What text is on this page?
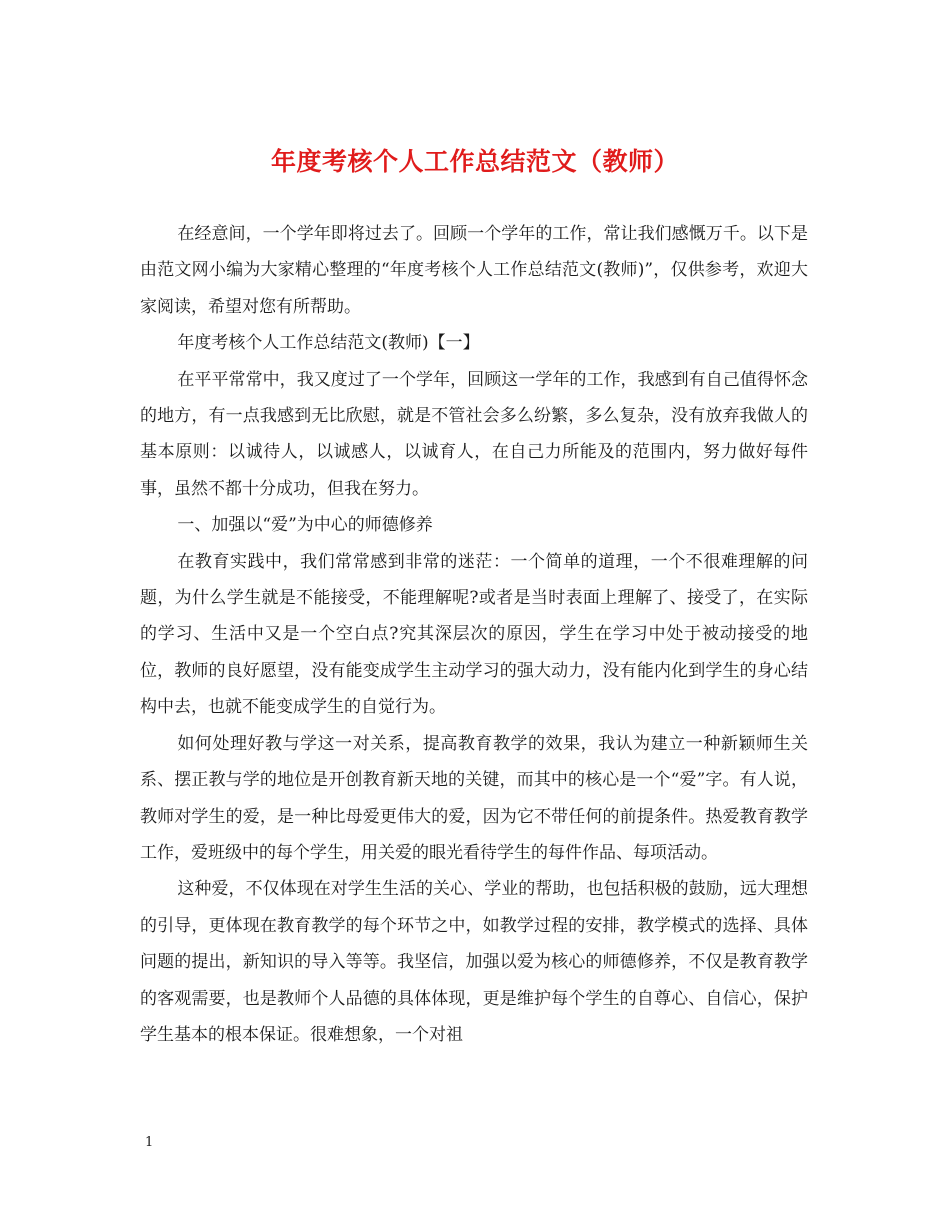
年度考核个人工作总结范文（教师）

在经意间，一个学年即将过去了。回顾一个学年的工作，常让我们感慨万千。以下是由范文网小编为大家精心整理的“年度考核个人工作总结范文(教师)”，仅供参考，欢迎大家阅读，希望对您有所帮助。

年度考核个人工作总结范文(教师)【一】

在平平常常中，我又度过了一个学年，回顾这一学年的工作，我感到有自己值得怀念的地方，有一点我感到无比欣慰，就是不管社会多么纷繁，多么复杂，没有放弃我做人的基本原则：以诚待人，以诚感人，以诚育人，在自己力所能及的范围内，努力做好每件事，虽然不都十分成功，但我在努力。

一、加强以“爱”为中心的师德修养

在教育实践中，我们常常感到非常的迷茫：一个简单的道理，一个不很难理解的问题，为什么学生就是不能接受，不能理解呢?或者是当时表面上理解了、接受了，在实际的学习、生活中又是一个空白点?究其深层次的原因，学生在学习中处于被动接受的地位，教师的良好愿望，没有能变成学生主动学习的强大动力，没有能内化到学生的身心结构中去，也就不能变成学生的自觉行为。

如何处理好教与学这一对关系，提高教育教学的效果，我认为建立一种新颖师生关系、摆正教与学的地位是开创教育新天地的关键，而其中的核心是一个“爱”字。有人说，教师对学生的爱，是一种比母爱更伟大的爱，因为它不带任何的前提条件。热爱教育教学工作，爱班级中的每个学生，用关爱的眼光看待学生的每件作品、每项活动。

这种爱，不仅体现在对学生生活的关心、学业的帮助，也包括积极的鼓励，远大理想的引导，更体现在教育教学的每个环节之中，如教学过程的安排，教学模式的选择、具体问题的提出，新知识的导入等等。我坚信，加强以爱为核心的师德修养，不仅是教育教学的客观需要，也是教师个人品德的具体体现，更是维护每个学生的自尊心、自信心，保护学生基本的根本保证。很难想象，一个对祖

1
